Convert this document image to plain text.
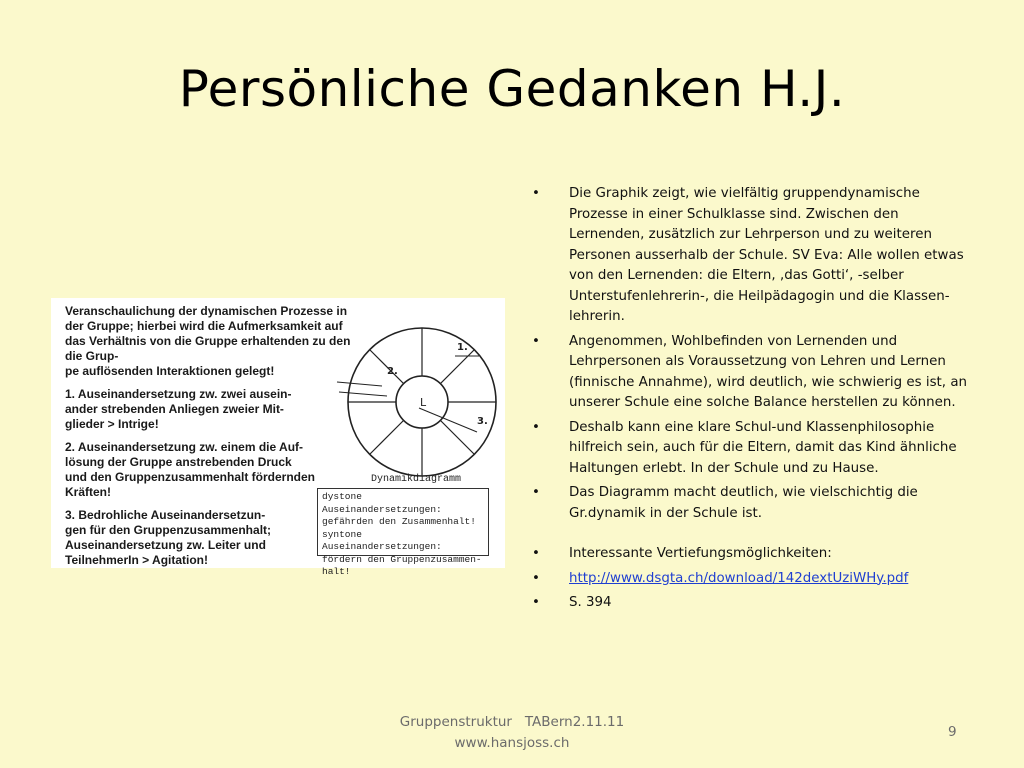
Persönliche Gedanken H.J.

Veranschaulichung der dynamischen Prozesse in der Gruppe; hierbei wird die Aufmerksamkeit auf das Verhältnis von die Gruppe erhaltenden zu den die Grup-
pe auflösenden Interaktionen gelegt!

1. Auseinandersetzung zw. zwei ausein-
ander strebenden Anliegen zweier Mit-
glieder > Intrige!

2. Auseinandersetzung zw. einem die Auf-
lösung der Gruppe anstrebenden Druck
und den Gruppenzusammenhalt fördernden
Kräften!

3. Bedrohliche Auseinandersetzun-
gen für den Gruppenzusammenhalt;
Auseinandersetzung zw. Leiter und
TeilnehmerIn > Agitation!

L
1.
2.
3.
Dynamikdiagramm
dystone Auseinandersetzungen:
gefährden den Zusammenhalt!
syntone Auseinandersetzungen:
fördern den Gruppenzusammen-
halt!
• Die Graphik zeigt, wie vielfältig gruppendynamische Prozesse in einer Schulklasse sind. Zwischen den Lernenden, zusätzlich zur Lehrperson und zu weiteren Personen ausserhalb der Schule. SV Eva: Alle wollen etwas von den Lernenden: die Eltern, ‚das Gotti‘, -selber Unterstufenlehrerin-, die Heilpädagogin und die Klassen-lehrerin.
• Angenommen, Wohlbefinden von Lernenden und Lehrpersonen als Voraussetzung von Lehren und Lernen (finnische Annahme), wird deutlich, wie schwierig es ist, an unserer Schule eine solche Balance herstellen zu können.
• Deshalb kann eine klare Schul-und Klassenphilosophie hilfreich sein, auch für die Eltern, damit das Kind ähnliche Haltungen erlebt. In der Schule und zu Hause.
• Das Diagramm macht deutlich, wie vielschichtig die Gr.dynamik in der Schule ist.
• Interessante Vertiefungsmöglichkeiten:
• http://www.dsgta.ch/download/142dextUziWHy.pdf
• S. 394
Gruppenstruktur   TABern2.11.11
www.hansjoss.ch
9
